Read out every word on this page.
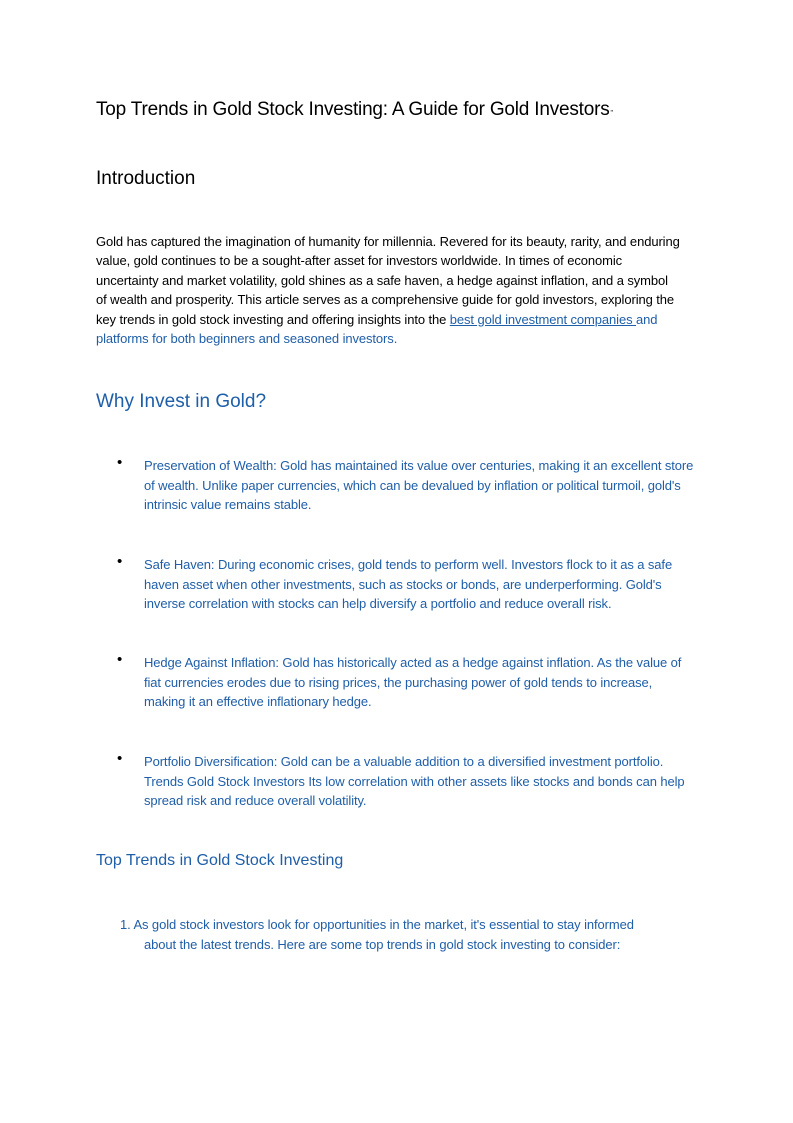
Top Trends in Gold Stock Investing: A Guide for Gold Investors"
Introduction
Gold has captured the imagination of humanity for millennia. Revered for its beauty, rarity, and enduring value, gold continues to be a sought-after asset for investors worldwide. In times of economic uncertainty and market volatility, gold shines as a safe haven, a hedge against inflation, and a symbol of wealth and prosperity. This article serves as a comprehensive guide for gold investors, exploring the key trends in gold stock investing and offering insights into the best gold investment companies and platforms for both beginners and seasoned investors.
Why Invest in Gold?
• Preservation of Wealth: Gold has maintained its value over centuries, making it an excellent store of wealth. Unlike paper currencies, which can be devalued by inflation or political turmoil, gold's intrinsic value remains stable.
• Safe Haven: During economic crises, gold tends to perform well. Investors flock to it as a safe haven asset when other investments, such as stocks or bonds, are underperforming. Gold's inverse correlation with stocks can help diversify a portfolio and reduce overall risk.
• Hedge Against Inflation: Gold has historically acted as a hedge against inflation. As the value of fiat currencies erodes due to rising prices, the purchasing power of gold tends to increase, making it an effective inflationary hedge.
• Portfolio Diversification: Gold can be a valuable addition to a diversified investment portfolio. Trends Gold Stock Investors Its low correlation with other assets like stocks and bonds can help spread risk and reduce overall volatility.
Top Trends in Gold Stock Investing
1. As gold stock investors look for opportunities in the market, it's essential to stay informed
about the latest trends. Here are some top trends in gold stock investing to consider:
